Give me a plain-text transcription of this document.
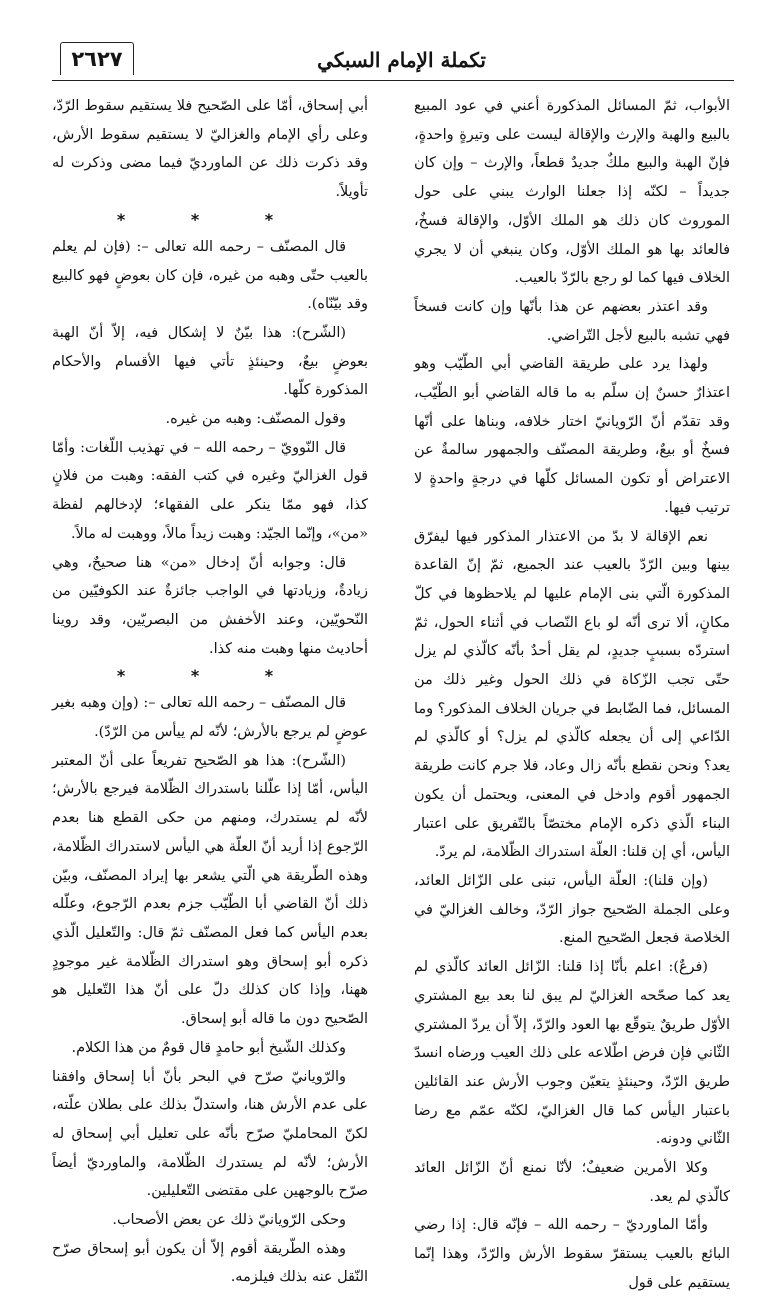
٢٦٢٧	تكملة الإمام السبكي

الأبواب، ثمّ المسائل المذكورة أعني في عود المبيع بالبيع والهبة والإرث والإقالة ليست على وتيرةٍ واحدةٍ، فإنّ الهبة والبيع ملكٌ جديدٌ قطعاً، والإرث – وإن كان جديداً – لكنّه إذا جعلنا الوارث يبني على حول الموروث كان ذلك هو الملك الأوّل، والإقالة فسخٌ، فالعائد بها هو الملك الأوّل، وكان ينبغي أن لا يجري الخلاف فيها كما لو رجع بالرّدّ بالعيب.

وقد اعتذر بعضهم عن هذا بأنّها وإن كانت فسخاً فهي تشبه بالبيع لأجل التّراضي.

ولهذا يرد على طريقة القاضي أبي الطّيّب وهو اعتذارٌ حسنٌ إن سلّم به ما قاله القاضي أبو الطّيّب، وقد تقدّم أنّ الرّويانيّ اختار خلافه، وبناها على أنّها فسخٌ أو بيعٌ، وطريقة المصنّف والجمهور سالمةٌ عن الاعتراض أو تكون المسائل كلّها في درجةٍ واحدةٍ لا ترتيب فيها.

نعم الإقالة لا بدّ من الاعتذار المذكور فيها ليفرّق بينها وبين الرّدّ بالعيب عند الجميع، ثمّ إنّ القاعدة المذكورة الّتي بنى الإمام عليها لم يلاحظوها في كلّ مكانٍ، ألا ترى أنّه لو باع النّصاب في أثناء الحول، ثمّ استردّه بسببٍ جديدٍ، لم يقل أحدٌ بأنّه كالّذي لم يزل حتّى تجب الزّكاة في ذلك الحول وغير ذلك من المسائل، فما الضّابط في جريان الخلاف المذكور؟ وما الدّاعي إلى أن يجعله كالّذي لم يزل؟ أو كالّذي لم يعد؟ ونحن نقطع بأنّه زال وعاد، فلا جرم كانت طريقة الجمهور أقوم وادخل في المعنى، ويحتمل أن يكون البناء الّذي ذكره الإمام مختصّاً بالتّفريق على اعتبار اليأس، أي إن قلنا: العلّة استدراك الظّلامة، لم يردّ.

(وإن قلنا): العلّة اليأس، تبنى على الزّائل العائد، وعلى الجملة الصّحيح جواز الرّدّ، وخالف الغزاليّ في الخلاصة فجعل الصّحيح المنع.

(فرعٌ): اعلم بأنّا إذا قلنا: الزّائل العائد كالّذي لم يعد كما صحّحه الغزاليّ لم يبق لنا بعد بيع المشتري الأوّل طريقٌ يتوقّع بها العود والرّدّ، إلاّ أن يردّ المشتري الثّاني فإن فرض اطّلاعه على ذلك العيب ورضاه انسدّ طريق الرّدّ، وحينئذٍ يتعيّن وجوب الأرش عند القائلين باعتبار اليأس كما قال الغزاليّ، لكنّه عمّم مع رضا الثّاني ودونه.

وكلا الأمرين ضعيفٌ؛ لأنّا نمنع أنّ الزّائل العائد كالّذي لم يعد.

وأمّا الماورديّ – رحمه الله – فإنّه قال: إذا رضي البائع بالعيب يستقرّ سقوط الأرش والرّدّ، وهذا إنّما يستقيم على قول

أبي إسحاق، أمّا على الصّحيح فلا يستقيم سقوط الرّدّ، وعلى رأي الإمام والغزاليّ لا يستقيم سقوط الأرش، وقد ذكرت ذلك عن الماورديّ فيما مضى وذكرت له تأويلاً.

* * *

قال المصنّف – رحمه الله تعالى –: (فإن لم يعلم بالعيب حتّى وهبه من غيره، فإن كان بعوضٍ فهو كالبيع وقد بيّنّاه).

(الشّرح): هذا بيّنٌ لا إشكال فيه، إلاّ أنّ الهبة بعوضٍ بيعٌ، وحينئذٍ تأتي فيها الأقسام والأحكام المذكورة كلّها.

وقول المصنّف: وهبه من غيره.

قال النّوويّ – رحمه الله – في تهذيب اللّغات: وأمّا قول الغزاليّ وغيره في كتب الفقه: وهبت من فلانٍ كذا، فهو ممّا ينكر على الفقهاء؛ لإدخالهم لفظة «من»، وإنّما الجيّد: وهبت زيداً مالاً، ووهبت له مالاً.

قال: وجوابه أنّ إدخال «من» هنا صحيحٌ، وهي زيادةٌ، وزيادتها في الواجب جائزةٌ عند الكوفيّين من النّحويّين، وعند الأخفش من البصريّين، وقد روينا أحاديث منها وهبت منه كذا.

* * *

قال المصنّف – رحمه الله تعالى –: (وإن وهبه بغير عوضٍ لم يرجع بالأرش؛ لأنّه لم ييأس من الرّدّ).

(الشّرح): هذا هو الصّحيح تفريعاً على أنّ المعتبر اليأس، أمّا إذا علّلنا باستدراك الظّلامة فيرجع بالأرش؛ لأنّه لم يستدرك، ومنهم من حكى القطع هنا بعدم الرّجوع إذا أريد أنّ العلّة هي اليأس لاستدراك الظّلامة، وهذه الطّريقة هي الّتي يشعر بها إيراد المصنّف، وبيّن ذلك أنّ القاضي أبا الطّيّب جزم بعدم الرّجوع، وعلّله بعدم اليأس كما فعل المصنّف ثمّ قال: والتّعليل الّذي ذكره أبو إسحاق وهو استدراك الظّلامة غير موجودٍ ههنا، وإذا كان كذلك دلّ على أنّ هذا التّعليل هو الصّحيح دون ما قاله أبو إسحاق.

وكذلك الشّيخ أبو حامدٍ قال قومٌ من هذا الكلام.

والرّويانيّ صرّح في البحر بأنّ أبا إسحاق وافقنا على عدم الأرش هنا، واستدلّ بذلك على بطلان علّته، لكنّ المحامليّ صرّح بأنّه على تعليل أبي إسحاق له الأرش؛ لأنّه لم يستدرك الظّلامة، والماورديّ أيضاً صرّح بالوجهين على مقتضى التّعليلين.

وحكى الرّويانيّ ذلك عن بعض الأصحاب.

وهذه الطّريقة أقوم إلاّ أن يكون أبو إسحاق صرّح النّقل عنه بذلك فيلزمه.
